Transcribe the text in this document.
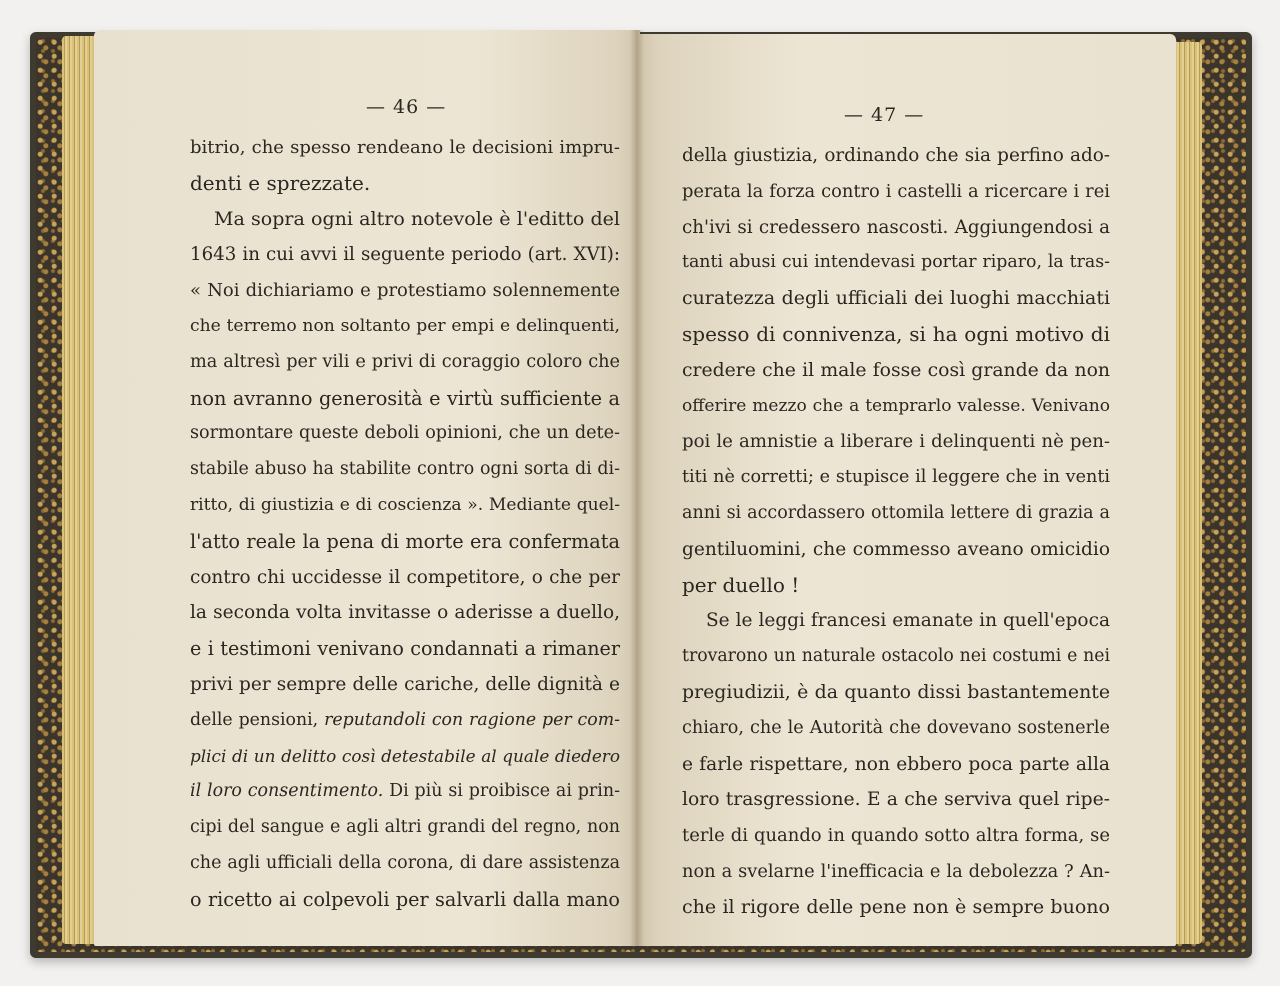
— 46 —
bitrio, che spesso rendeano le decisioni impru-
denti e sprezzate.
Ma sopra ogni altro notevole è l'editto del
1643 in cui avvi il seguente periodo (art. XVI):
« Noi dichiariamo e protestiamo solennemente
che terremo non soltanto per empi e delinquenti,
ma altresì per vili e privi di coraggio coloro che
non avranno generosità e virtù sufficiente a
sormontare queste deboli opinioni, che un dete-
stabile abuso ha stabilite contro ogni sorta di di-
ritto, di giustizia e di coscienza ». Mediante quel-
l'atto reale la pena di morte era confermata
contro chi uccidesse il competitore, o che per
la seconda volta invitasse o aderisse a duello,
e i testimoni venivano condannati a rimaner
privi per sempre delle cariche, delle dignità e
delle pensioni, reputandoli con ragione per com-
plici di un delitto così detestabile al quale diedero
il loro consentimento. Di più si proibisce ai prin-
cipi del sangue e agli altri grandi del regno, non
che agli ufficiali della corona, di dare assistenza
o ricetto ai colpevoli per salvarli dalla mano
— 47 —
della giustizia, ordinando che sia perfino ado-
perata la forza contro i castelli a ricercare i rei
ch'ivi si credessero nascosti. Aggiungendosi a
tanti abusi cui intendevasi portar riparo, la tras-
curatezza degli ufficiali dei luoghi macchiati
spesso di connivenza, si ha ogni motivo di
credere che il male fosse così grande da non
offerire mezzo che a temprarlo valesse. Venivano
poi le amnistie a liberare i delinquenti nè pen-
titi nè corretti; e stupisce il leggere che in venti
anni si accordassero ottomila lettere di grazia a
gentiluomini, che commesso aveano omicidio
per duello !
Se le leggi francesi emanate in quell'epoca
trovarono un naturale ostacolo nei costumi e nei
pregiudizii, è da quanto dissi bastantemente
chiaro, che le Autorità che dovevano sostenerle
e farle rispettare, non ebbero poca parte alla
loro trasgressione. E a che serviva quel ripe-
terle di quando in quando sotto altra forma, se
non a svelarne l'inefficacia e la debolezza ? An-
che il rigore delle pene non è sempre buono
